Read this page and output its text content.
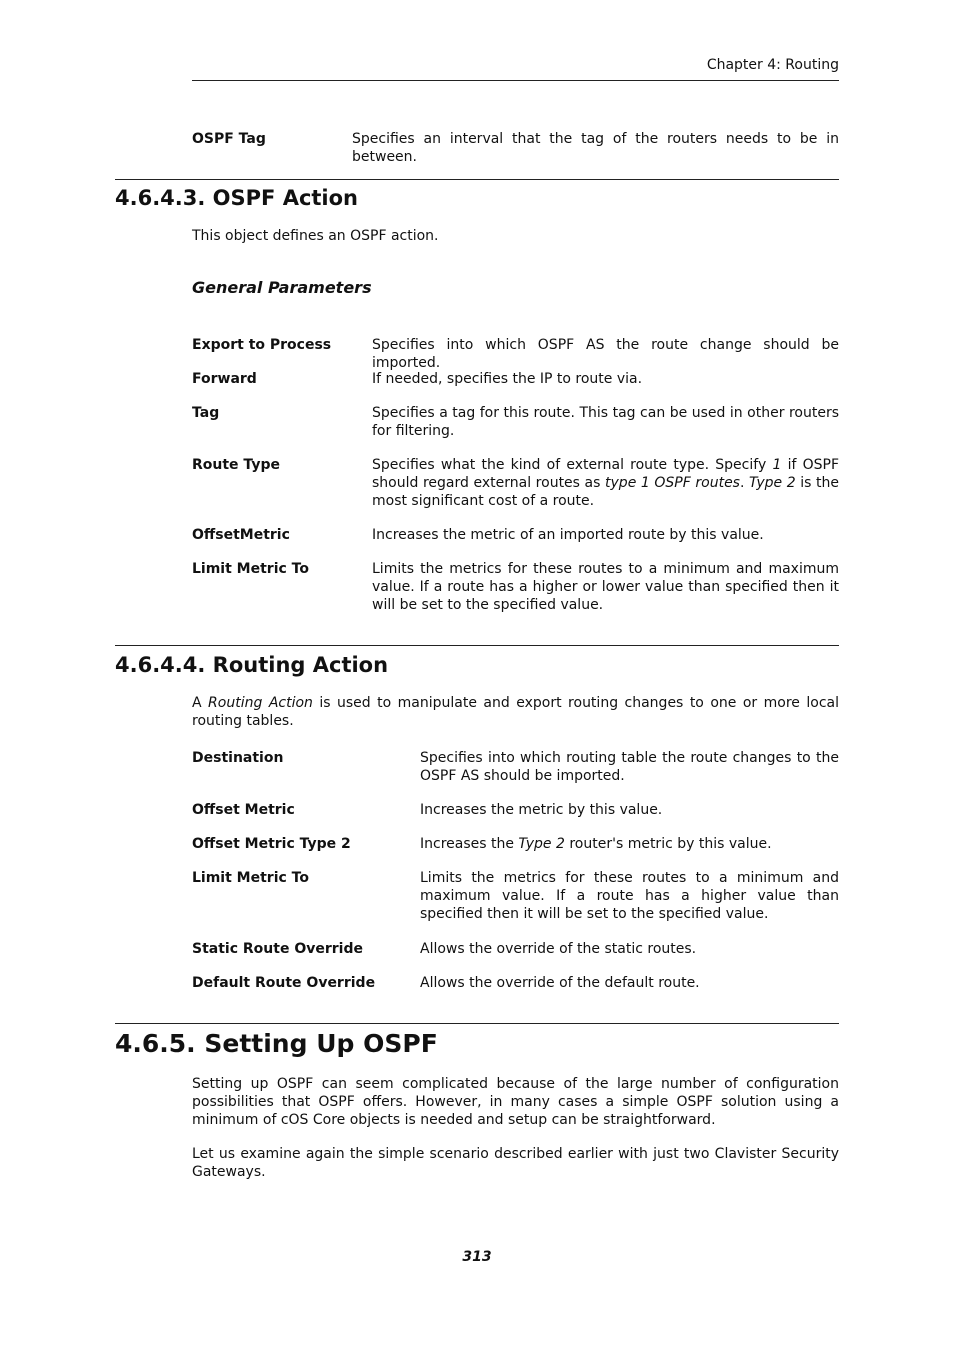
Chapter 4: Routing
OSPF Tag	Specifies an interval that the tag of the routers needs to be in between.
4.6.4.3. OSPF Action
This object defines an OSPF action.
General Parameters
Export to Process	Specifies into which OSPF AS the route change should be imported.
Forward	If needed, specifies the IP to route via.
Tag	Specifies a tag for this route. This tag can be used in other routers for filtering.
Route Type	Specifies what the kind of external route type. Specify 1 if OSPF should regard external routes as type 1 OSPF routes. Type 2 is the most significant cost of a route.
OffsetMetric	Increases the metric of an imported route by this value.
Limit Metric To	Limits the metrics for these routes to a minimum and maximum value. If a route has a higher or lower value than specified then it will be set to the specified value.
4.6.4.4. Routing Action
A Routing Action is used to manipulate and export routing changes to one or more local routing tables.
Destination	Specifies into which routing table the route changes to the OSPF AS should be imported.
Offset Metric	Increases the metric by this value.
Offset Metric Type 2	Increases the Type 2 router's metric by this value.
Limit Metric To	Limits the metrics for these routes to a minimum and maximum value. If a route has a higher value than specified then it will be set to the specified value.
Static Route Override	Allows the override of the static routes.
Default Route Override	Allows the override of the default route.
4.6.5. Setting Up OSPF
Setting up OSPF can seem complicated because of the large number of configuration possibilities that OSPF offers. However, in many cases a simple OSPF solution using a minimum of cOS Core objects is needed and setup can be straightforward.
Let us examine again the simple scenario described earlier with just two Clavister Security Gateways.
313
